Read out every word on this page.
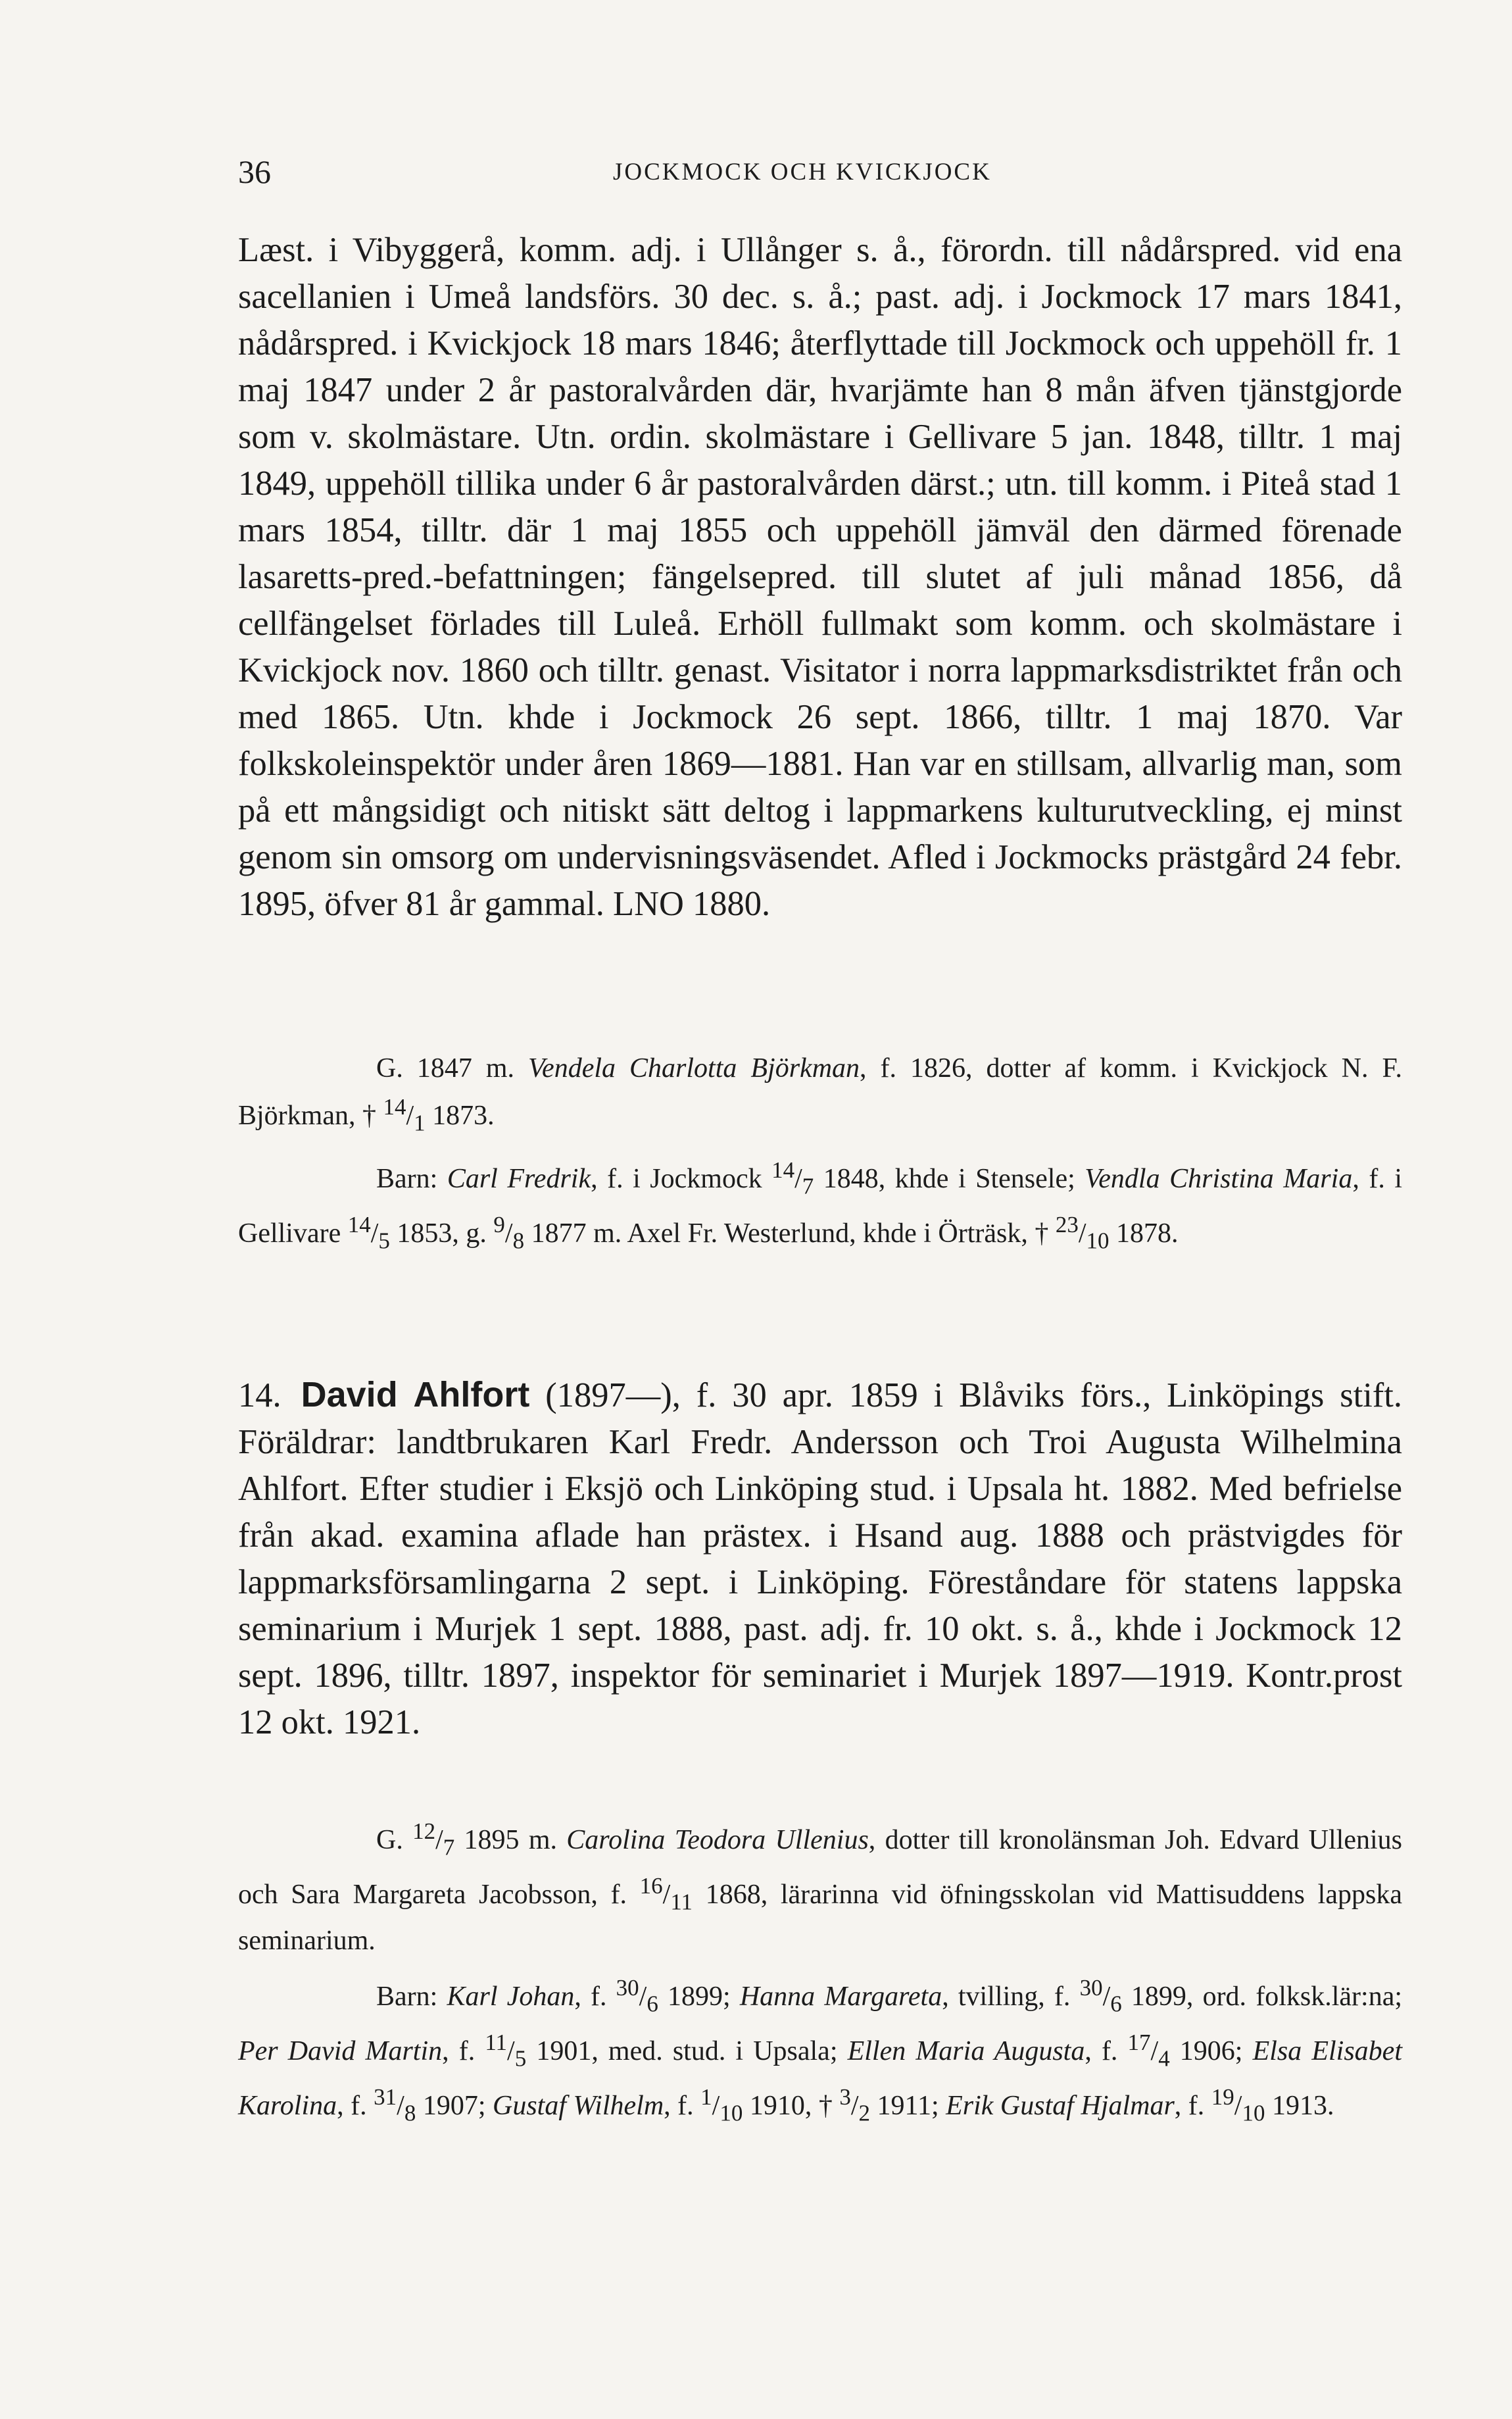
36	JOCKMOCK OCH KVICKJOCK

Læst. i Vibyggerå, komm. adj. i Ullånger s. å., förordn. till nådårspred. vid ena sacellanien i Umeå landsförs. 30 dec. s. å.; past. adj. i Jockmock 17 mars 1841, nådårspred. i Kvickjock 18 mars 1846; återflyttade till Jockmock och uppehöll fr. 1 maj 1847 under 2 år pastoralvården där, hvarjämte han 8 mån äfven tjänstgjorde som v. skolmästare. Utn. ordin. skolmästare i Gellivare 5 jan. 1848, tilltr. 1 maj 1849, uppehöll tillika under 6 år pastoralvården därst.; utn. till komm. i Piteå stad 1 mars 1854, tilltr. där 1 maj 1855 och uppehöll jämväl den därmed förenade lasaretts-pred.-befattningen; fängelsepred. till slutet af juli månad 1856, då cellfängelset förlades till Luleå. Erhöll fullmakt som komm. och skolmästare i Kvickjock nov. 1860 och tilltr. genast. Visitator i norra lappmarksdistriktet från och med 1865. Utn. khde i Jockmock 26 sept. 1866, tilltr. 1 maj 1870. Var folkskoleinspektör under åren 1869—1881. Han var en stillsam, allvarlig man, som på ett mångsidigt och nitiskt sätt deltog i lappmarkens kulturutveckling, ej minst genom sin omsorg om undervisningsväsendet. Afled i Jockmocks prästgård 24 febr. 1895, öfver 81 år gammal. LNO 1880.

G. 1847 m. Vendela Charlotta Björkman, f. 1826, dotter af komm. i Kvickjock N. F. Björkman, † $^{14}/_1$ 1873.

Barn: Carl Fredrik, f. i Jockmock $^{14}/_7$ 1848, khde i Stensele; Vendla Christina Maria, f. i Gellivare $^{14}/_5$ 1853, g. $^9/_8$ 1877 m. Axel Fr. Westerlund, khde i Örträsk, † $^{23}/_{10}$ 1878.

14. David Ahlfort (1897—), f. 30 apr. 1859 i Blåviks förs., Linköpings stift. Föräldrar: landtbrukaren Karl Fredr. Andersson och Troi Augusta Wilhelmina Ahlfort. Efter studier i Eksjö och Linköping stud. i Upsala ht. 1882. Med befrielse från akad. examina aflade han prästex. i Hsand aug. 1888 och prästvigdes för lappmarksförsamlingarna 2 sept. i Linköping. Föreståndare för statens lappska seminarium i Murjek 1 sept. 1888, past. adj. fr. 10 okt. s. å., khde i Jockmock 12 sept. 1896, tilltr. 1897, inspektor för seminariet i Murjek 1897—1919. Kontr.prost 12 okt. 1921.

G. $^{12}/_7$ 1895 m. Carolina Teodora Ullenius, dotter till kronolänsman Joh. Edvard Ullenius och Sara Margareta Jacobsson, f. $^{16}/_{11}$ 1868, lärarinna vid öfningsskolan vid Mattisuddens lappska seminarium.

Barn: Karl Johan, f. $^{30}/_6$ 1899; Hanna Margareta, tvilling, f. $^{30}/_6$ 1899, ord. folksk.lär:na; Per David Martin, f. $^{11}/_5$ 1901, med. stud. i Upsala; Ellen Maria Augusta, f. $^{17}/_4$ 1906; Elsa Elisabet Karolina, f. $^{31}/_8$ 1907; Gustaf Wilhelm, f. $^1/_{10}$ 1910, † $^3/_2$ 1911; Erik Gustaf Hjalmar, f. $^{19}/_{10}$ 1913.
